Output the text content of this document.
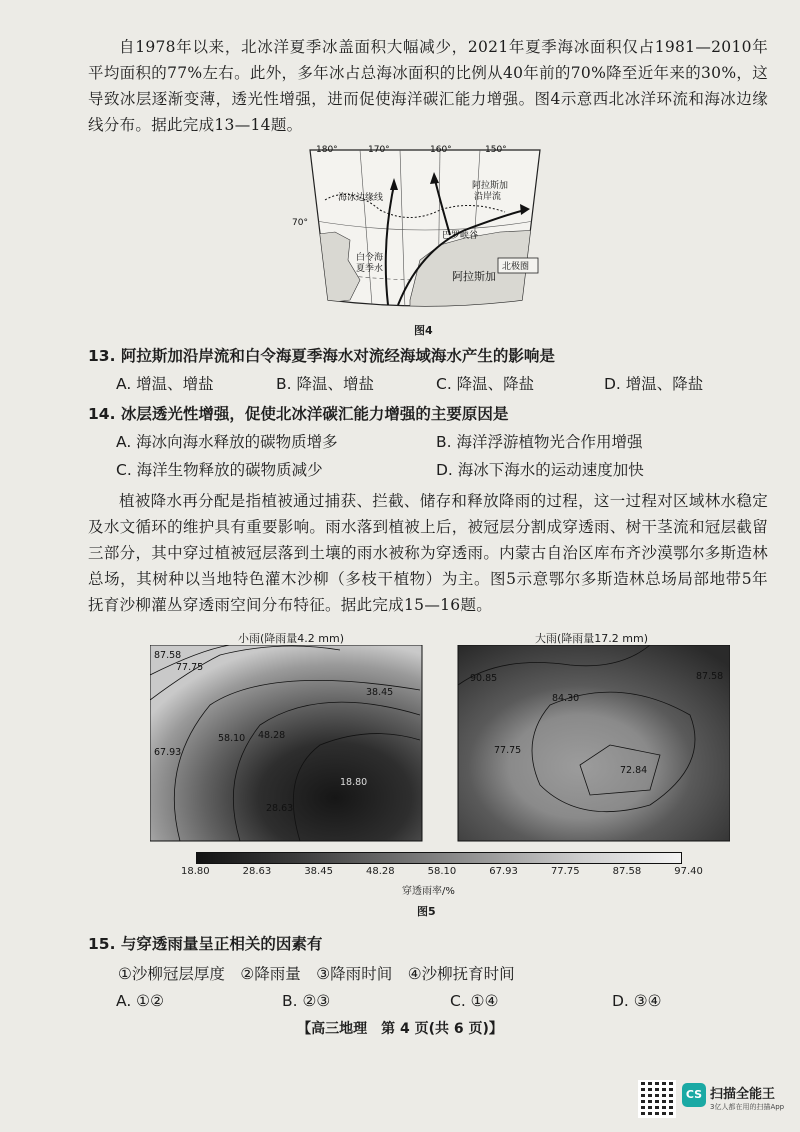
自1978年以来，北冰洋夏季冰盖面积大幅减少，2021年夏季海冰面积仅占1981—2010年平均面积的77%左右。此外，多年冰占总海冰面积的比例从40年前的70%降至近年来的30%，这导致冰层逐渐变薄，透光性增强，进而促使海洋碳汇能力增强。图4示意西北冰洋环流和海冰边缘线分布。据此完成13—14题。

180°	170°	160°	150°
70°
海冰边缘线
阿拉斯加
沿岸流
白令海
夏季水
巴罗峡谷
阿拉斯加
北极圈

图4

13. 阿拉斯加沿岸流和白令海夏季海水对流经海域海水产生的影响是

A. 增温、增盐	B. 降温、增盐	C. 降温、降盐	D. 增温、降盐

14. 冰层透光性增强，促使北冰洋碳汇能力增强的主要原因是

A. 海冰向海水释放的碳物质增多	B. 海洋浮游植物光合作用增强

C. 海洋生物释放的碳物质减少	D. 海冰下海水的运动速度加快

植被降水再分配是指植被通过捕获、拦截、储存和释放降雨的过程，这一过程对区域林水稳定及水文循环的维护具有重要影响。雨水落到植被上后，被冠层分割成穿透雨、树干茎流和冠层截留三部分，其中穿过植被冠层落到土壤的雨水被称为穿透雨。内蒙古自治区库布齐沙漠鄂尔多斯造林总场，其树种以当地特色灌木沙柳（多枝干植物）为主。图5示意鄂尔多斯造林总场局部地带5年抚育沙柳灌丛穿透雨空间分布特征。据此完成15—16题。

小雨(降雨量4.2 mm)	大雨(降雨量17.2 mm)

87.58
77.75
38.45
58.10 48.28
67.93
18.80
28.63
90.85
84.30
87.58
77.75
72.84
18.80	28.63	38.45	48.28	58.10	67.93	77.75	87.58	97.40

穿透雨率/%

图5

15. 与穿透雨量呈正相关的因素有

①沙柳冠层厚度　②降雨量　③降雨时间　④沙柳抚育时间

A. ①②	B. ②③	C. ①④	D. ③④

【高三地理　第 4 页(共 6 页)】
CS 扫描全能王
3亿人都在用的扫描App
